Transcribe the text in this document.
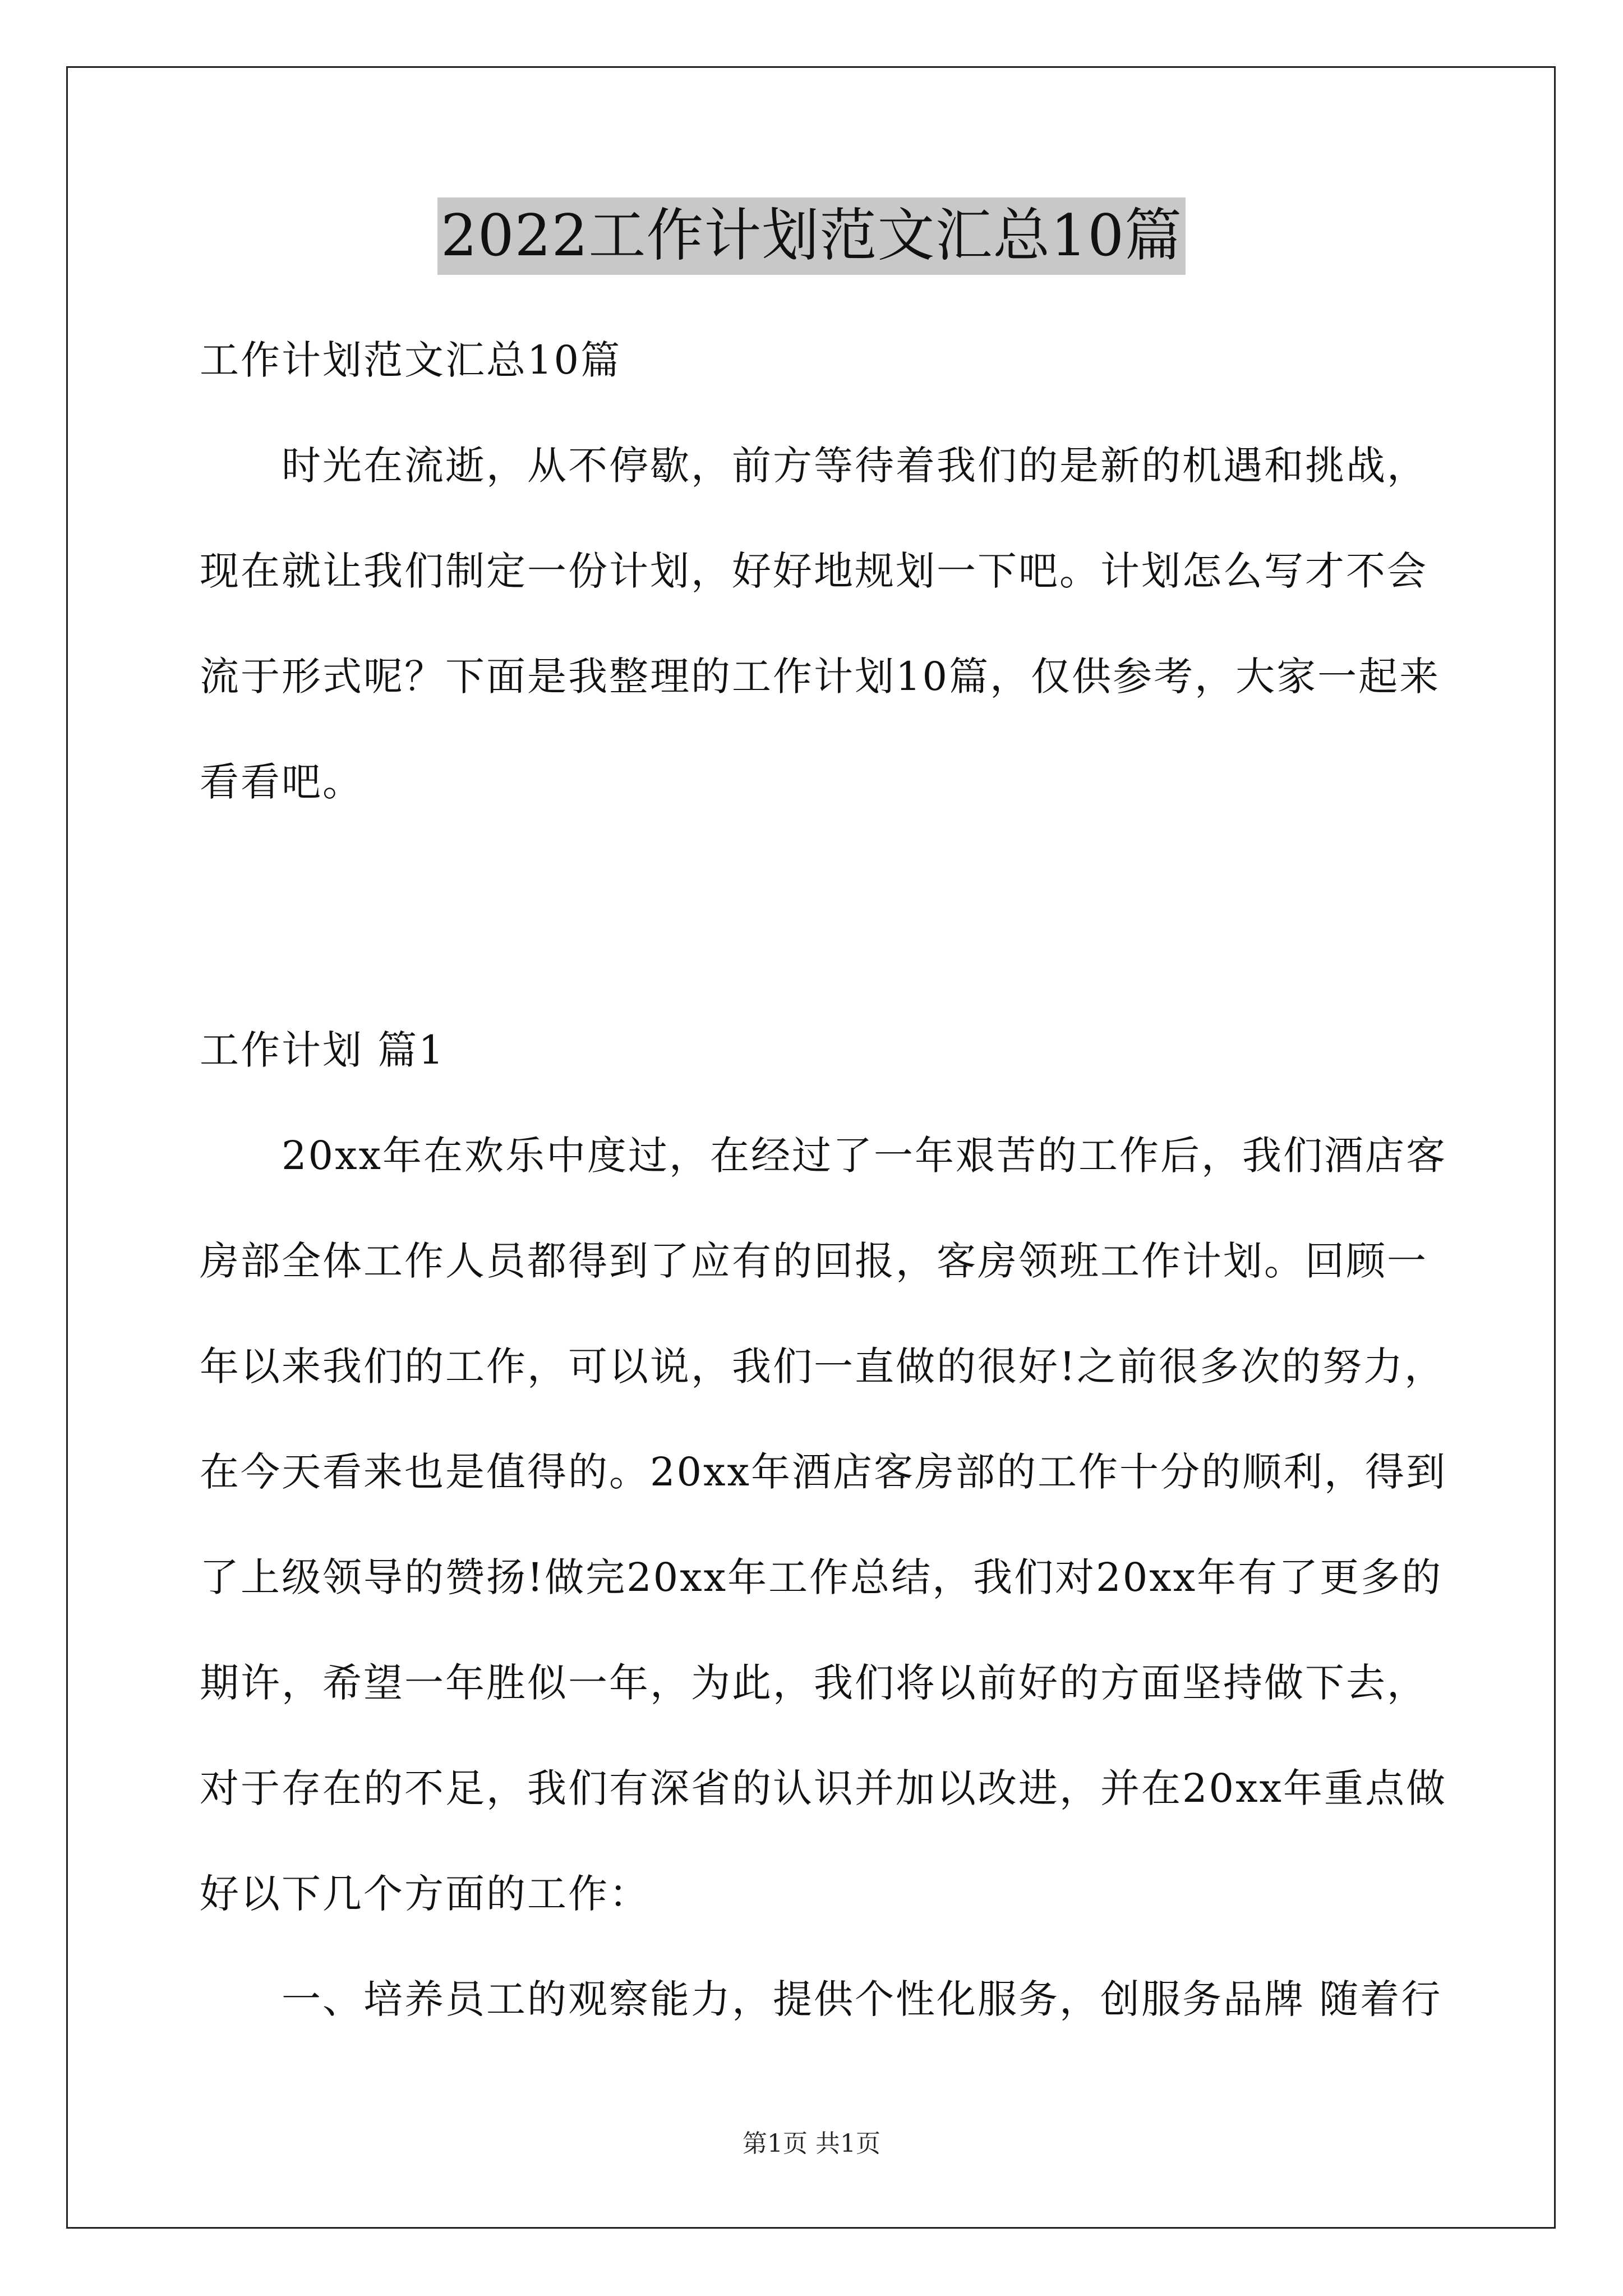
2022工作计划范文汇总10篇
工作计划范文汇总10篇
时光在流逝，从不停歇，前方等待着我们的是新的机遇和挑战，
现在就让我们制定一份计划，好好地规划一下吧。计划怎么写才不会
流于形式呢？下面是我整理的工作计划10篇，仅供参考，大家一起来
看看吧。
工作计划 篇1
20xx年在欢乐中度过，在经过了一年艰苦的工作后，我们酒店客
房部全体工作人员都得到了应有的回报，客房领班工作计划。回顾一
年以来我们的工作，可以说，我们一直做的很好!之前很多次的努力，
在今天看来也是值得的。20xx年酒店客房部的工作十分的顺利，得到
了上级领导的赞扬!做完20xx年工作总结，我们对20xx年有了更多的
期许，希望一年胜似一年，为此，我们将以前好的方面坚持做下去，
对于存在的不足，我们有深省的认识并加以改进，并在20xx年重点做
好以下几个方面的工作：
一、培养员工的观察能力，提供个性化服务，创服务品牌 随着行
第1页 共1页
